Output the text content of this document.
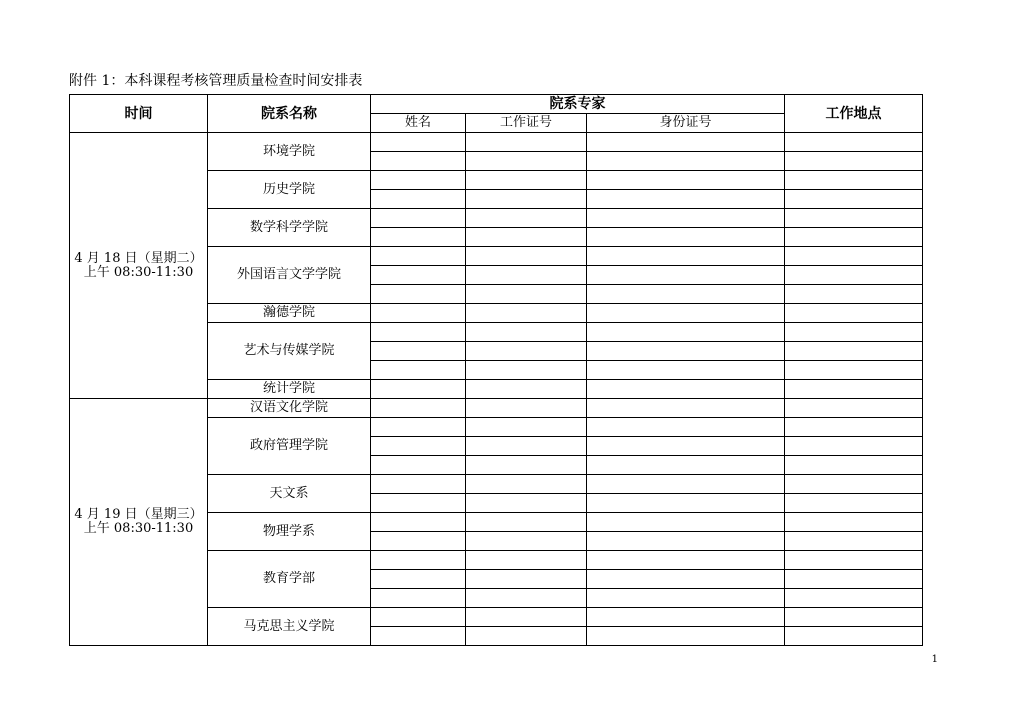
附件 1：本科课程考核管理质量检查时间安排表
时间	院系名称	院系专家			工作地点
		姓名	工作证号	身份证号	

4 月 18 日（星期二）
上午 08:30-11:30	环境学院				

	历史学院				

	数学科学学院				

	外国语言文学学院				

	瀚德学院				
	艺术与传媒学院				

	统计学院				

4 月 19 日（星期三）
上午 08:30-11:30	汉语文化学院				
	政府管理学院				

	天文系				

	物理学系				

	教育学部				

	马克思主义学院				

1
